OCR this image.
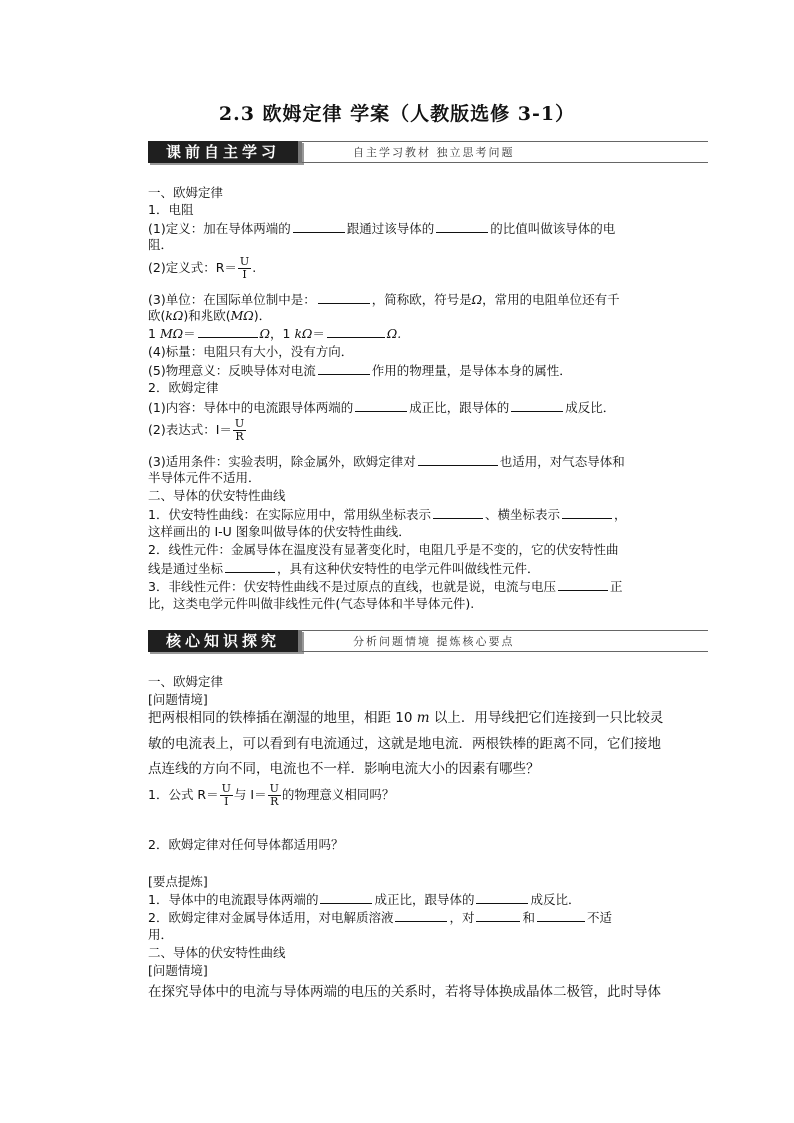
2.3 欧姆定律 学案（人教版选修 3-1）
课前自主学习	自主学习教材 独立思考问题
一、欧姆定律
1．电阻
(1)定义：加在导体两端的	跟通过该导体的	的比值叫做该导体的电
阻．
(2)定义式：$R= \frac{U}{I}$ .
(3)单位：在国际单位制中是：	，简称欧，符号是Ω，常用的电阻单位还有千
欧(kΩ)和兆欧(MΩ)．
1 MΩ＝	Ω，1 kΩ＝	Ω.
(4)标量：电阻只有大小，没有方向．
(5)物理意义：反映导体对电流	作用的物理量，是导体本身的属性．
2．欧姆定律
(1)内容：导体中的电流跟导体两端的	成正比，跟导体的	成反比．
(2)表达式：$I= \frac{U}{R}$
(3)适用条件：实验表明，除金属外，欧姆定律对	也适用，对气态导体和
半导体元件不适用．
二、导体的伏安特性曲线
1．伏安特性曲线：在实际应用中，常用纵坐标表示	、横坐标表示	，
这样画出的 I-U 图象叫做导体的伏安特性曲线．
2．线性元件：金属导体在温度没有显著变化时，电阻几乎是不变的，它的伏安特性曲
线是通过坐标	，具有这种伏安特性的电学元件叫做线性元件．
3．非线性元件：伏安特性曲线不是过原点的直线，也就是说，电流与电压	正
比，这类电学元件叫做非线性元件(气态导体和半导体元件).
核心知识探究	分析问题情境 提炼核心要点
一、欧姆定律
[问题情境]
把两根相同的铁棒插在潮湿的地里，相距 10 m 以上．用导线把它们连接到一只比较灵
敏的电流表上，可以看到有电流通过，这就是地电流．两根铁棒的距离不同，它们接地
点连线的方向不同，电流也不一样．影响电流大小的因素有哪些？
1．公式 $R= \frac{U}{I}$ 与 $I= \frac{U}{R}$ 的物理意义相同吗？
2．欧姆定律对任何导体都适用吗？
[要点提炼]
1．导体中的电流跟导体两端的	成正比，跟导体的	成反比．
2．欧姆定律对金属导体适用，对电解质溶液	，对	和	不适
用．
二、导体的伏安特性曲线
[问题情境]
在探究导体中的电流与导体两端的电压的关系时，若将导体换成晶体二极管，此时导体
